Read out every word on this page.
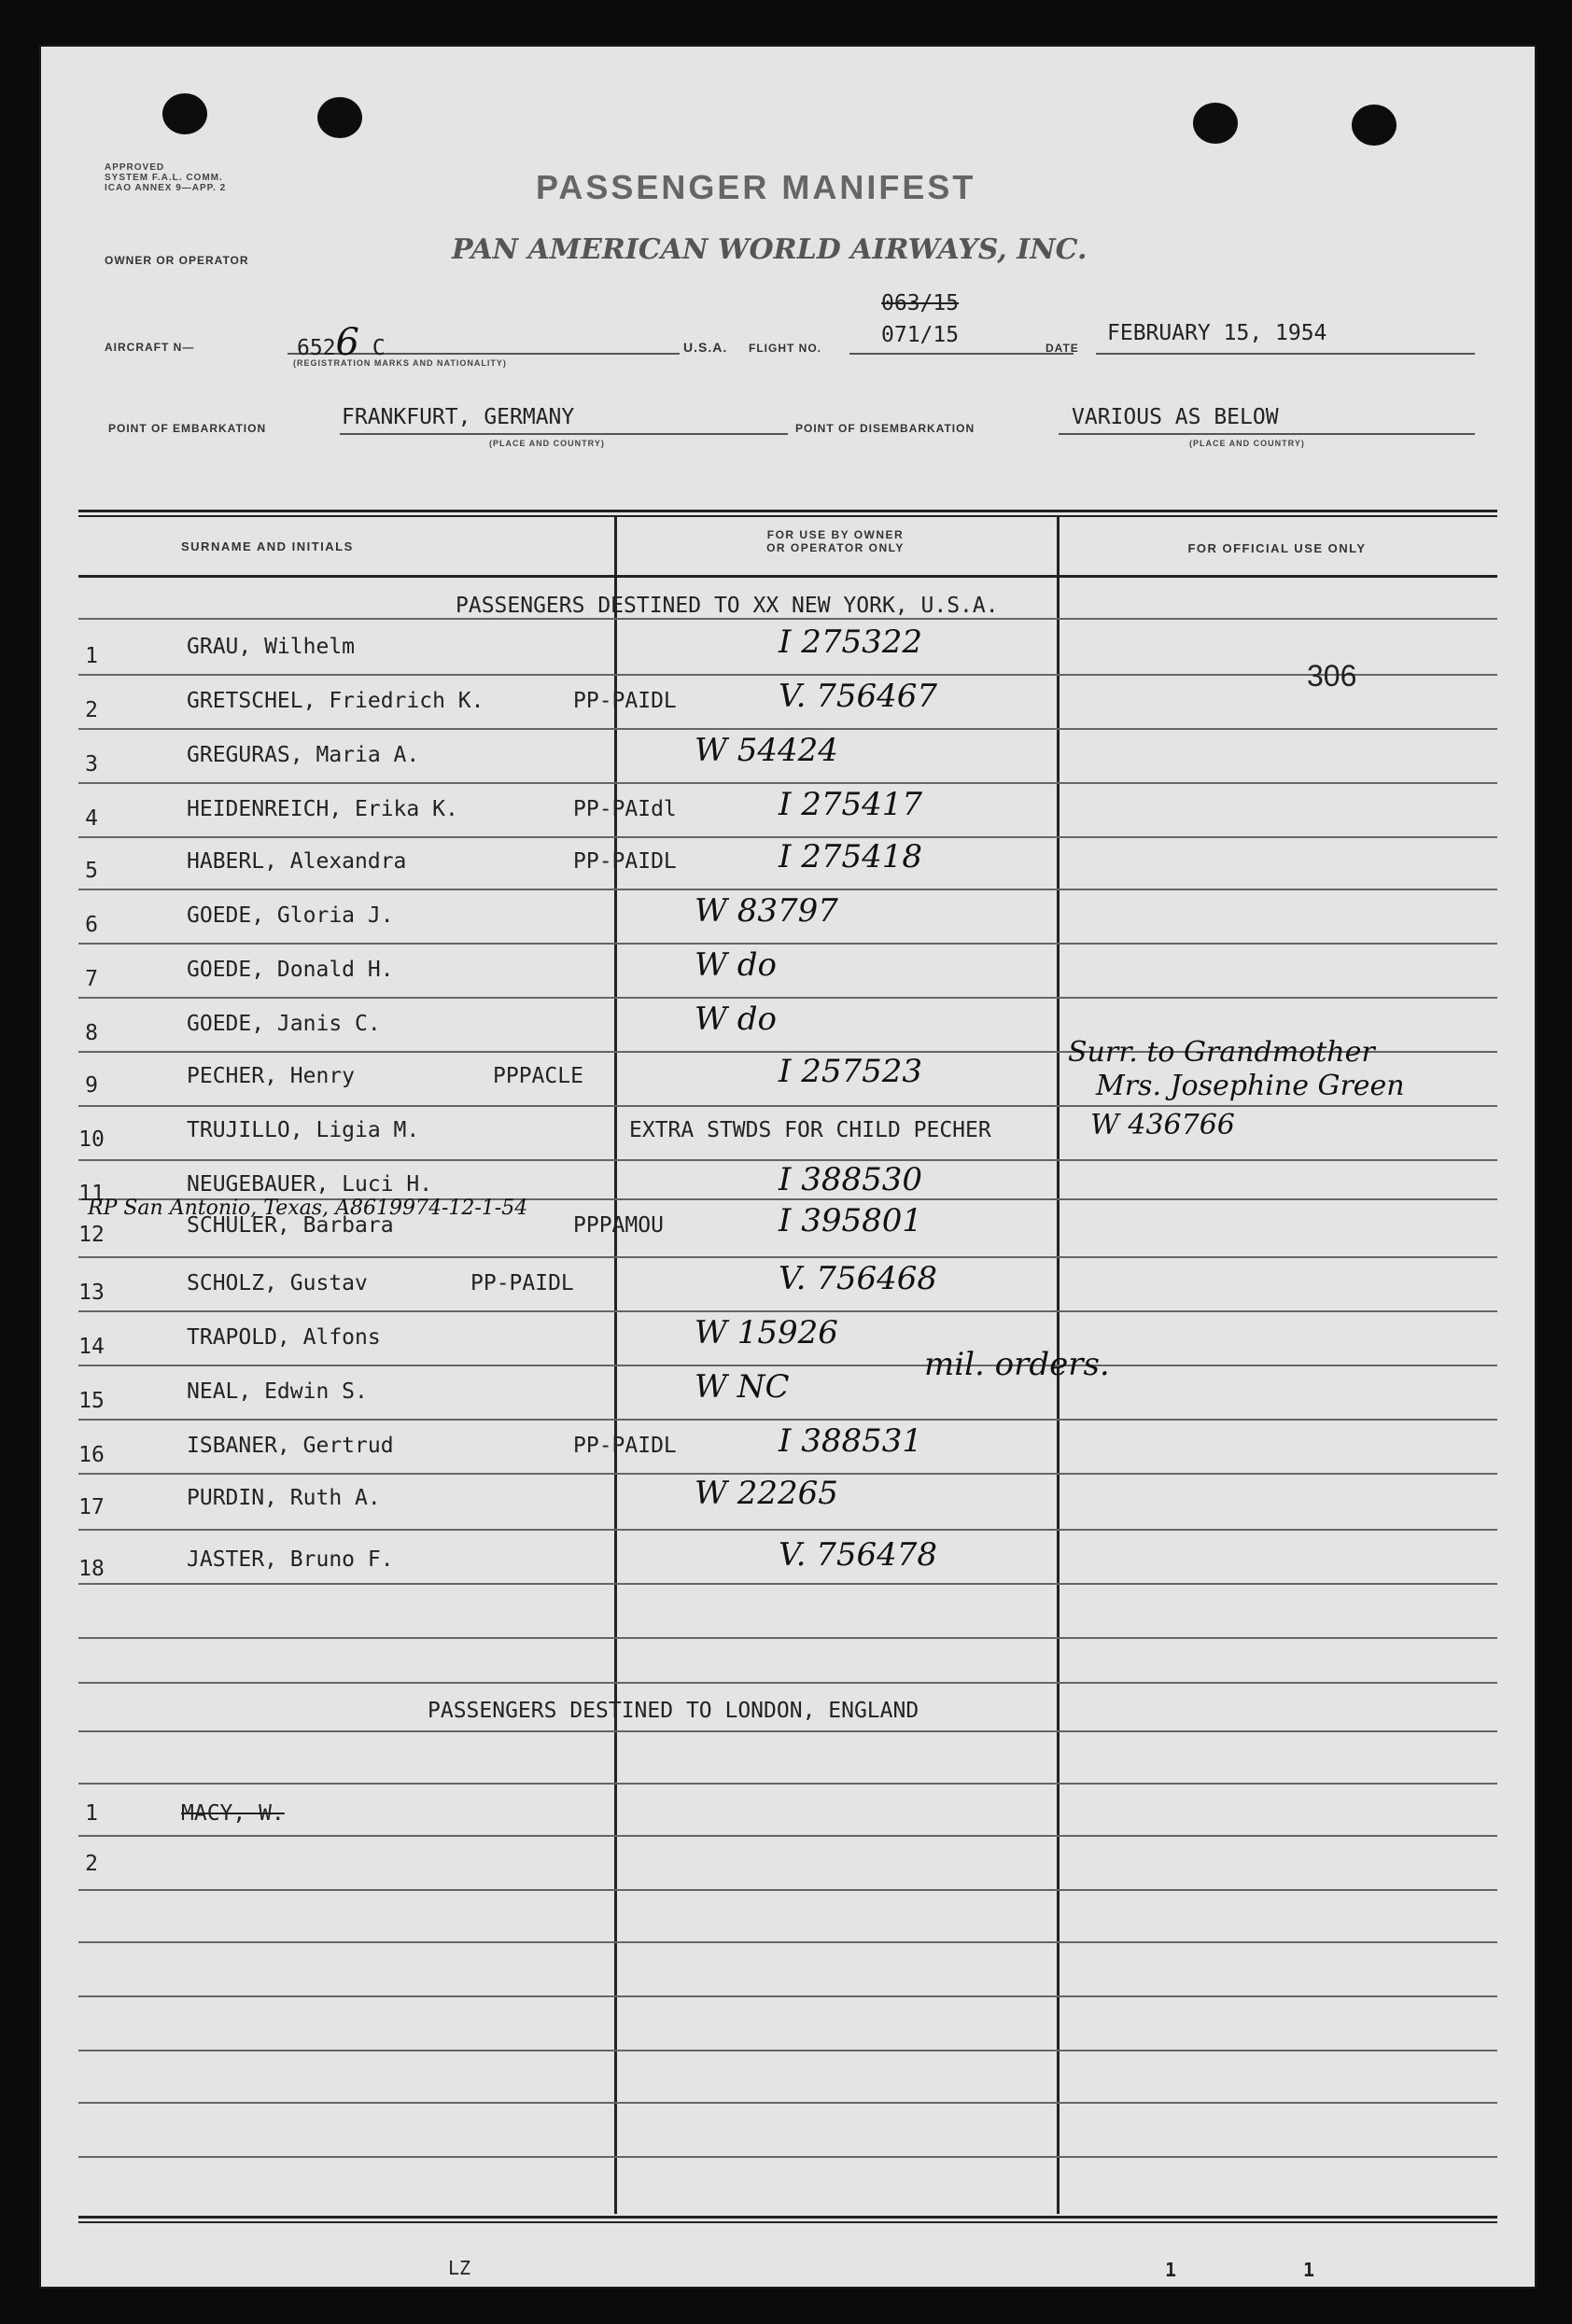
APPROVED
SYSTEM F.A.L. COMM.
ICAO ANNEX 9—APP. 2	PASSENGER MANIFEST
OWNER OR OPERATOR	PAN AMERICAN WORLD AIRWAYS, INC.
AIRCRAFT N—	6526 C
(REGISTRATION MARKS AND NATIONALITY)
U.S.A. FLIGHT NO.
063/15
071/15
DATE
FEBRUARY 15, 1954
POINT OF EMBARKATION	FRANKFURT, GERMANY
(PLACE AND COUNTRY)
POINT OF DISEMBARKATION	VARIOUS AS BELOW
(PLACE AND COUNTRY)
SURNAME AND INITIALS
FOR USE BY OWNER
OR OPERATOR ONLY	FOR OFFICIAL USE ONLY
PASSENGERS DESTINED TO XX NEW YORK, U.S.A.
306
1	GRAU, Wilhelm	I 275322
2	GRETSCHEL, Friedrich K.	PP-PAIDL	V. 756467
3	GREGURAS, Maria A.	W 54424
4	HEIDENREICH, Erika K.	PP-PAIdl	I 275417
5	HABERL, Alexandra	PP-PAIDL	I 275418
6	GOEDE, Gloria J.	W 83797
7	GOEDE, Donald H.	W do
8	GOEDE, Janis C.	W do
9	PECHER, Henry	PPPACLE	I 257523
10	TRUJILLO, Ligia M.	EXTRA STWDS FOR CHILD PECHER
11	NEUGEBAUER, Luci H.	I 388530
12	SCHULER, Barbara	PPPAMOU	I 395801
13	SCHOLZ, Gustav	PP-PAIDL	V. 756468
14	TRAPOLD, Alfons	W 15926
15	NEAL, Edwin S.	W NC
16	ISBANER, Gertrud	PP-PAIDL	I 388531
17	PURDIN, Ruth A.	W 22265
18	JASTER, Bruno F.	V. 756478
Surr. to Grandmother
Mrs. Josephine Green
W 436766
RP San Antonio, Texas, A8619974-12-1-54
mil. orders.
PASSENGERS DESTINED TO LONDON, ENGLAND
1	MACY, W.
2
LZ	1	1
